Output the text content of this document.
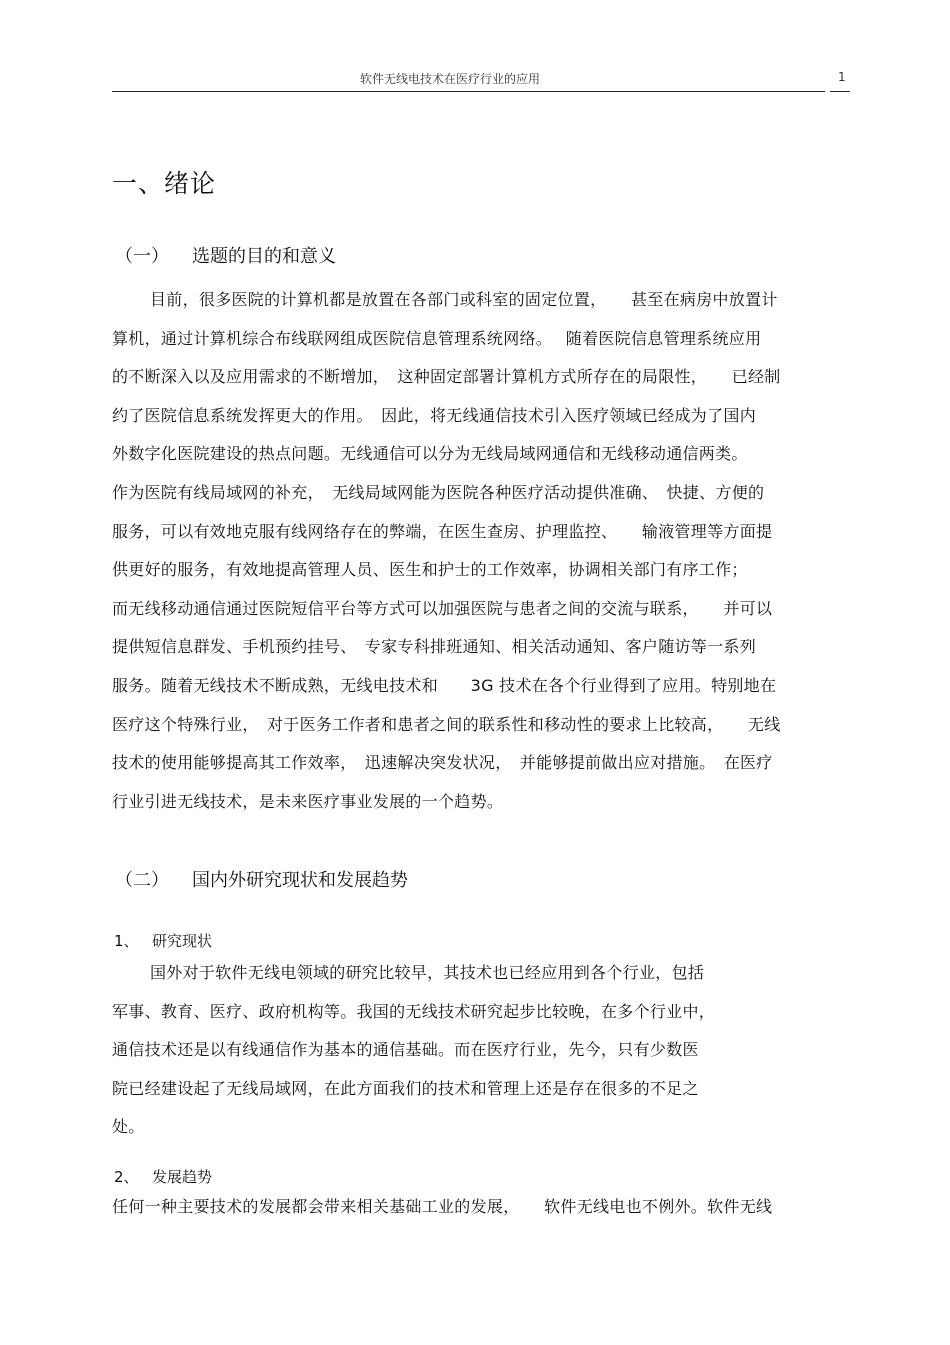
软件无线电技术在医疗行业的应用	1
一、绪论
（一） 选题的目的和意义
目前，很多医院的计算机都是放置在各部门或科室的固定位置，　　甚至在病房中放置计
算机，通过计算机综合布线联网组成医院信息管理系统网络。　 随着医院信息管理系统应用
的不断深入以及应用需求的不断增加，　这种固定部署计算机方式所存在的局限性，　　已经制
约了医院信息系统发挥更大的作用。　因此，将无线通信技术引入医疗领域已经成为了国内
外数字化医院建设的热点问题。无线通信可以分为无线局域网通信和无线移动通信两类。
作为医院有线局域网的补充，　无线局域网能为医院各种医疗活动提供准确、　快捷、方便的
服务，可以有效地克服有线网络存在的弊端，在医生查房、护理监控、　　输液管理等方面提
供更好的服务，有效地提高管理人员、医生和护士的工作效率，协调相关部门有序工作；
而无线移动通信通过医院短信平台等方式可以加强医院与患者之间的交流与联系，　　并可以
提供短信息群发、手机预约挂号、　专家专科排班通知、相关活动通知、客户随访等一系列
服务。随着无线技术不断成熟，无线电技术和　　3G 技术在各个行业得到了应用。特别地在
医疗这个特殊行业，　对于医务工作者和患者之间的联系性和移动性的要求上比较高，　　无线
技术的使用能够提高其工作效率，　迅速解决突发状况，　并能够提前做出应对措施。　在医疗
行业引进无线技术，是未来医疗事业发展的一个趋势。
（二） 国内外研究现状和发展趋势
1、 研究现状
国外对于软件无线电领域的研究比较早，其技术也已经应用到各个行业，包括
军事、教育、医疗、政府机构等。我国的无线技术研究起步比较晚，在多个行业中，
通信技术还是以有线通信作为基本的通信基础。而在医疗行业，先今，只有少数医
院已经建设起了无线局域网，在此方面我们的技术和管理上还是存在很多的不足之
处。
2、 发展趋势
任何一种主要技术的发展都会带来相关基础工业的发展，　　软件无线电也不例外。软件无线
